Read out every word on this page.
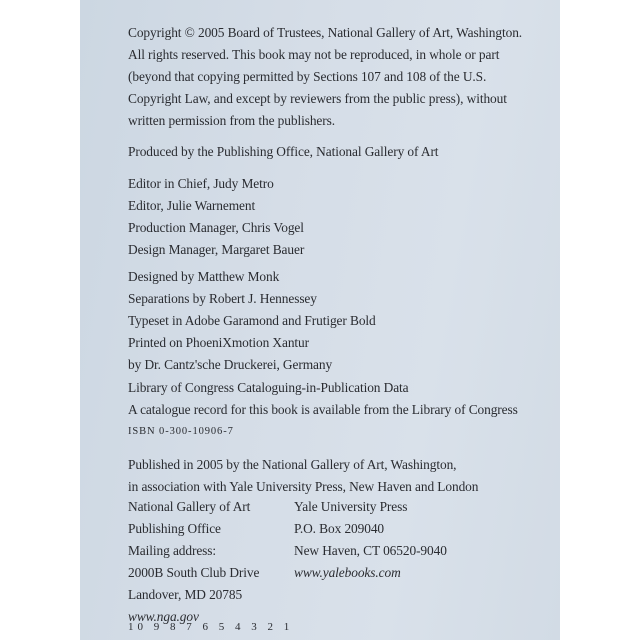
Copyright © 2005 Board of Trustees, National Gallery of Art, Washington.
All rights reserved. This book may not be reproduced, in whole or part
(beyond that copying permitted by Sections 107 and 108 of the U.S.
Copyright Law, and except by reviewers from the public press), without
written permission from the publishers.
Produced by the Publishing Office, National Gallery of Art
Editor in Chief, Judy Metro
Editor, Julie Warnement
Production Manager, Chris Vogel
Design Manager, Margaret Bauer
Designed by Matthew Monk
Separations by Robert J. Hennessey
Typeset in Adobe Garamond and Frutiger Bold
Printed on PhoeniXmotion Xantur
by Dr. Cantz'sche Druckerei, Germany
Library of Congress Cataloguing-in-Publication Data
A catalogue record for this book is available from the Library of Congress
ISBN 0-300-10906-7
Published in 2005 by the National Gallery of Art, Washington,
in association with Yale University Press, New Haven and London
National Gallery of Art
Publishing Office
Mailing address:
2000B South Club Drive
Landover, MD 20785
www.nga.gov
Yale University Press
P.O. Box 209040
New Haven, CT 06520-9040
www.yalebooks.com
10 9 8 7 6 5 4 3 2 1
